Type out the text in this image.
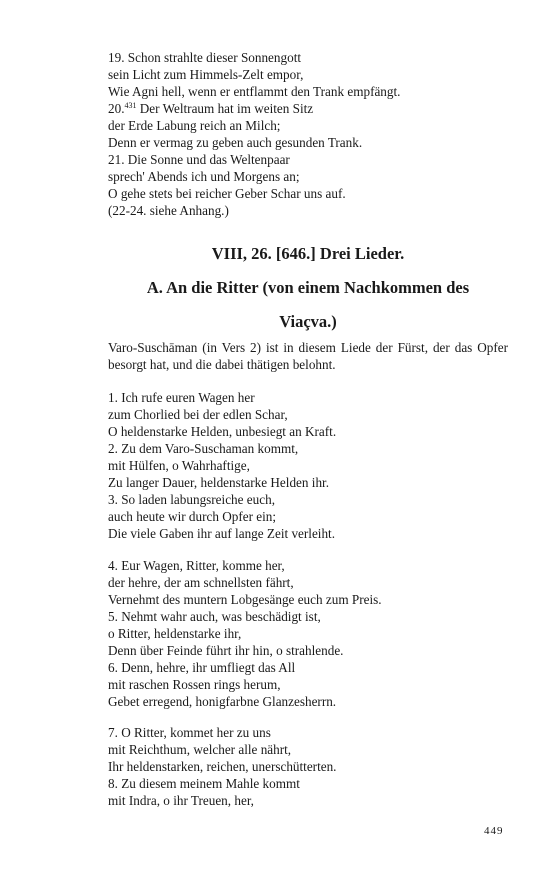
19. Schon strahlte dieser Sonnengott
sein Licht zum Himmels-Zelt empor,
Wie Agni hell, wenn er entflammt den Trank empfängt.
20.$^{431}$ Der Weltraum hat im weiten Sitz
der Erde Labung reich an Milch;
Denn er vermag zu geben auch gesunden Trank.
21. Die Sonne und das Weltenpaar
sprech' Abends ich und Morgens an;
O gehe stets bei reicher Geber Schar uns auf.
(22-24. siehe Anhang.)
VIII, 26. [646.] Drei Lieder.
A. An die Ritter (von einem Nachkommen des
Viaçva.)
Varo-Suschāman (in Vers 2) ist in diesem Liede der Fürst, der das Opfer besorgt hat, und die dabei thätigen belohnt.
1. Ich rufe euren Wagen her
zum Chorlied bei der edlen Schar,
O heldenstarke Helden, unbesiegt an Kraft.
2. Zu dem Varo-Suschaman kommt,
mit Hülfen, o Wahrhaftige,
Zu langer Dauer, heldenstarke Helden ihr.
3. So laden labungsreiche euch,
auch heute wir durch Opfer ein;
Die viele Gaben ihr auf lange Zeit verleiht.
4. Eur Wagen, Ritter, komme her,
der hehre, der am schnellsten fährt,
Vernehmt des muntern Lobgesänge euch zum Preis.
5. Nehmt wahr auch, was beschädigt ist,
o Ritter, heldenstarke ihr,
Denn über Feinde führt ihr hin, o strahlende.
6. Denn, hehre, ihr umfliegt das All
mit raschen Rossen rings herum,
Gebet erregend, honigfarbne Glanzesherrn.
7. O Ritter, kommet her zu uns
mit Reichthum, welcher alle nährt,
Ihr heldenstarken, reichen, unerschütterten.
8. Zu diesem meinem Mahle kommt
mit Indra, o ihr Treuen, her,
449
